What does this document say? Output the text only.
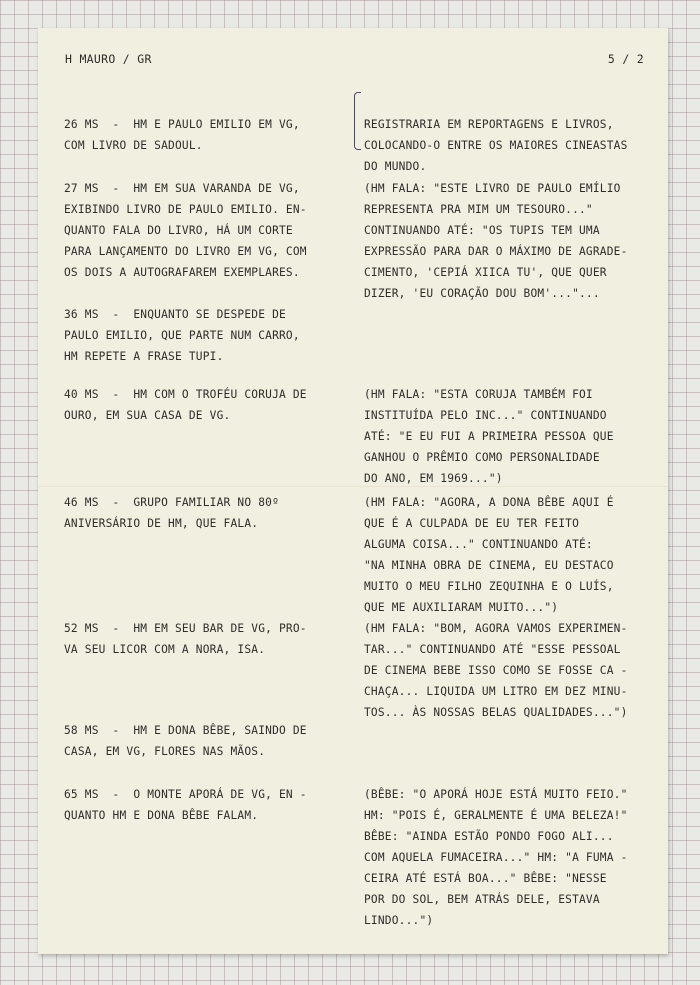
H MAURO / GR	5 / 2
26 MS  -  HM E PAULO EMILIO EM VG,
COM LIVRO DE SADOUL.
REGISTRARIA EM REPORTAGENS E LIVROS,
COLOCANDO-O ENTRE OS MAIORES CINEASTAS
DO MUNDO.
27 MS  -  HM EM SUA VARANDA DE VG,
EXIBINDO LIVRO DE PAULO EMILIO. EN-
QUANTO FALA DO LIVRO, HÁ UM CORTE
PARA LANÇAMENTO DO LIVRO EM VG, COM
OS DOIS A AUTOGRAFAREM EXEMPLARES.
(HM FALA: "ESTE LIVRO DE PAULO EMÍLIO
REPRESENTA PRA MIM UM TESOURO..."
CONTINUANDO ATÉ: "OS TUPIS TEM UMA
EXPRESSÃO PARA DAR O MÁXIMO DE AGRADE-
CIMENTO, 'CEPIÁ XIICA TU', QUE QUER
DIZER, 'EU CORAÇÃO DOU BOM'..."...
36 MS  -  ENQUANTO SE DESPEDE DE
PAULO EMILIO, QUE PARTE NUM CARRO,
HM REPETE A FRASE TUPI.
40 MS  -  HM COM O TROFÉU CORUJA DE
OURO, EM SUA CASA DE VG.
(HM FALA: "ESTA CORUJA TAMBÉM FOI
INSTITUÍDA PELO INC..." CONTINUANDO
ATÉ: "E EU FUI A PRIMEIRA PESSOA QUE
GANHOU O PRÊMIO COMO PERSONALIDADE
DO ANO, EM 1969...")
46 MS  -  GRUPO FAMILIAR NO 80º
ANIVERSÁRIO DE HM, QUE FALA.
(HM FALA: "AGORA, A DONA BÊBE AQUI É
QUE É A CULPADA DE EU TER FEITO
ALGUMA COISA..." CONTINUANDO ATÉ:
"NA MINHA OBRA DE CINEMA, EU DESTACO
MUITO O MEU FILHO ZEQUINHA E O LUÍS,
QUE ME AUXILIARAM MUITO...")
52 MS  -  HM EM SEU BAR DE VG, PRO-
VA SEU LICOR COM A NORA, ISA.
(HM FALA: "BOM, AGORA VAMOS EXPERIMEN-
TAR..." CONTINUANDO ATÉ "ESSE PESSOAL
DE CINEMA BEBE ISSO COMO SE FOSSE CA -
CHAÇA... LIQUIDA UM LITRO EM DEZ MINU-
TOS... ÀS NOSSAS BELAS QUALIDADES...")
58 MS  -  HM E DONA BÊBE, SAINDO DE
CASA, EM VG, FLORES NAS MÃOS.
65 MS  -  O MONTE APORÁ DE VG, EN -
QUANTO HM E DONA BÊBE FALAM.
(BÊBE: "O APORÁ HOJE ESTÁ MUITO FEIO."
HM: "POIS É, GERALMENTE É UMA BELEZA!"
BÊBE: "AINDA ESTÃO PONDO FOGO ALI...
COM AQUELA FUMACEIRA..." HM: "A FUMA -
CEIRA ATÉ ESTÁ BOA..." BÊBE: "NESSE
POR DO SOL, BEM ATRÁS DELE, ESTAVA
LINDO...")
